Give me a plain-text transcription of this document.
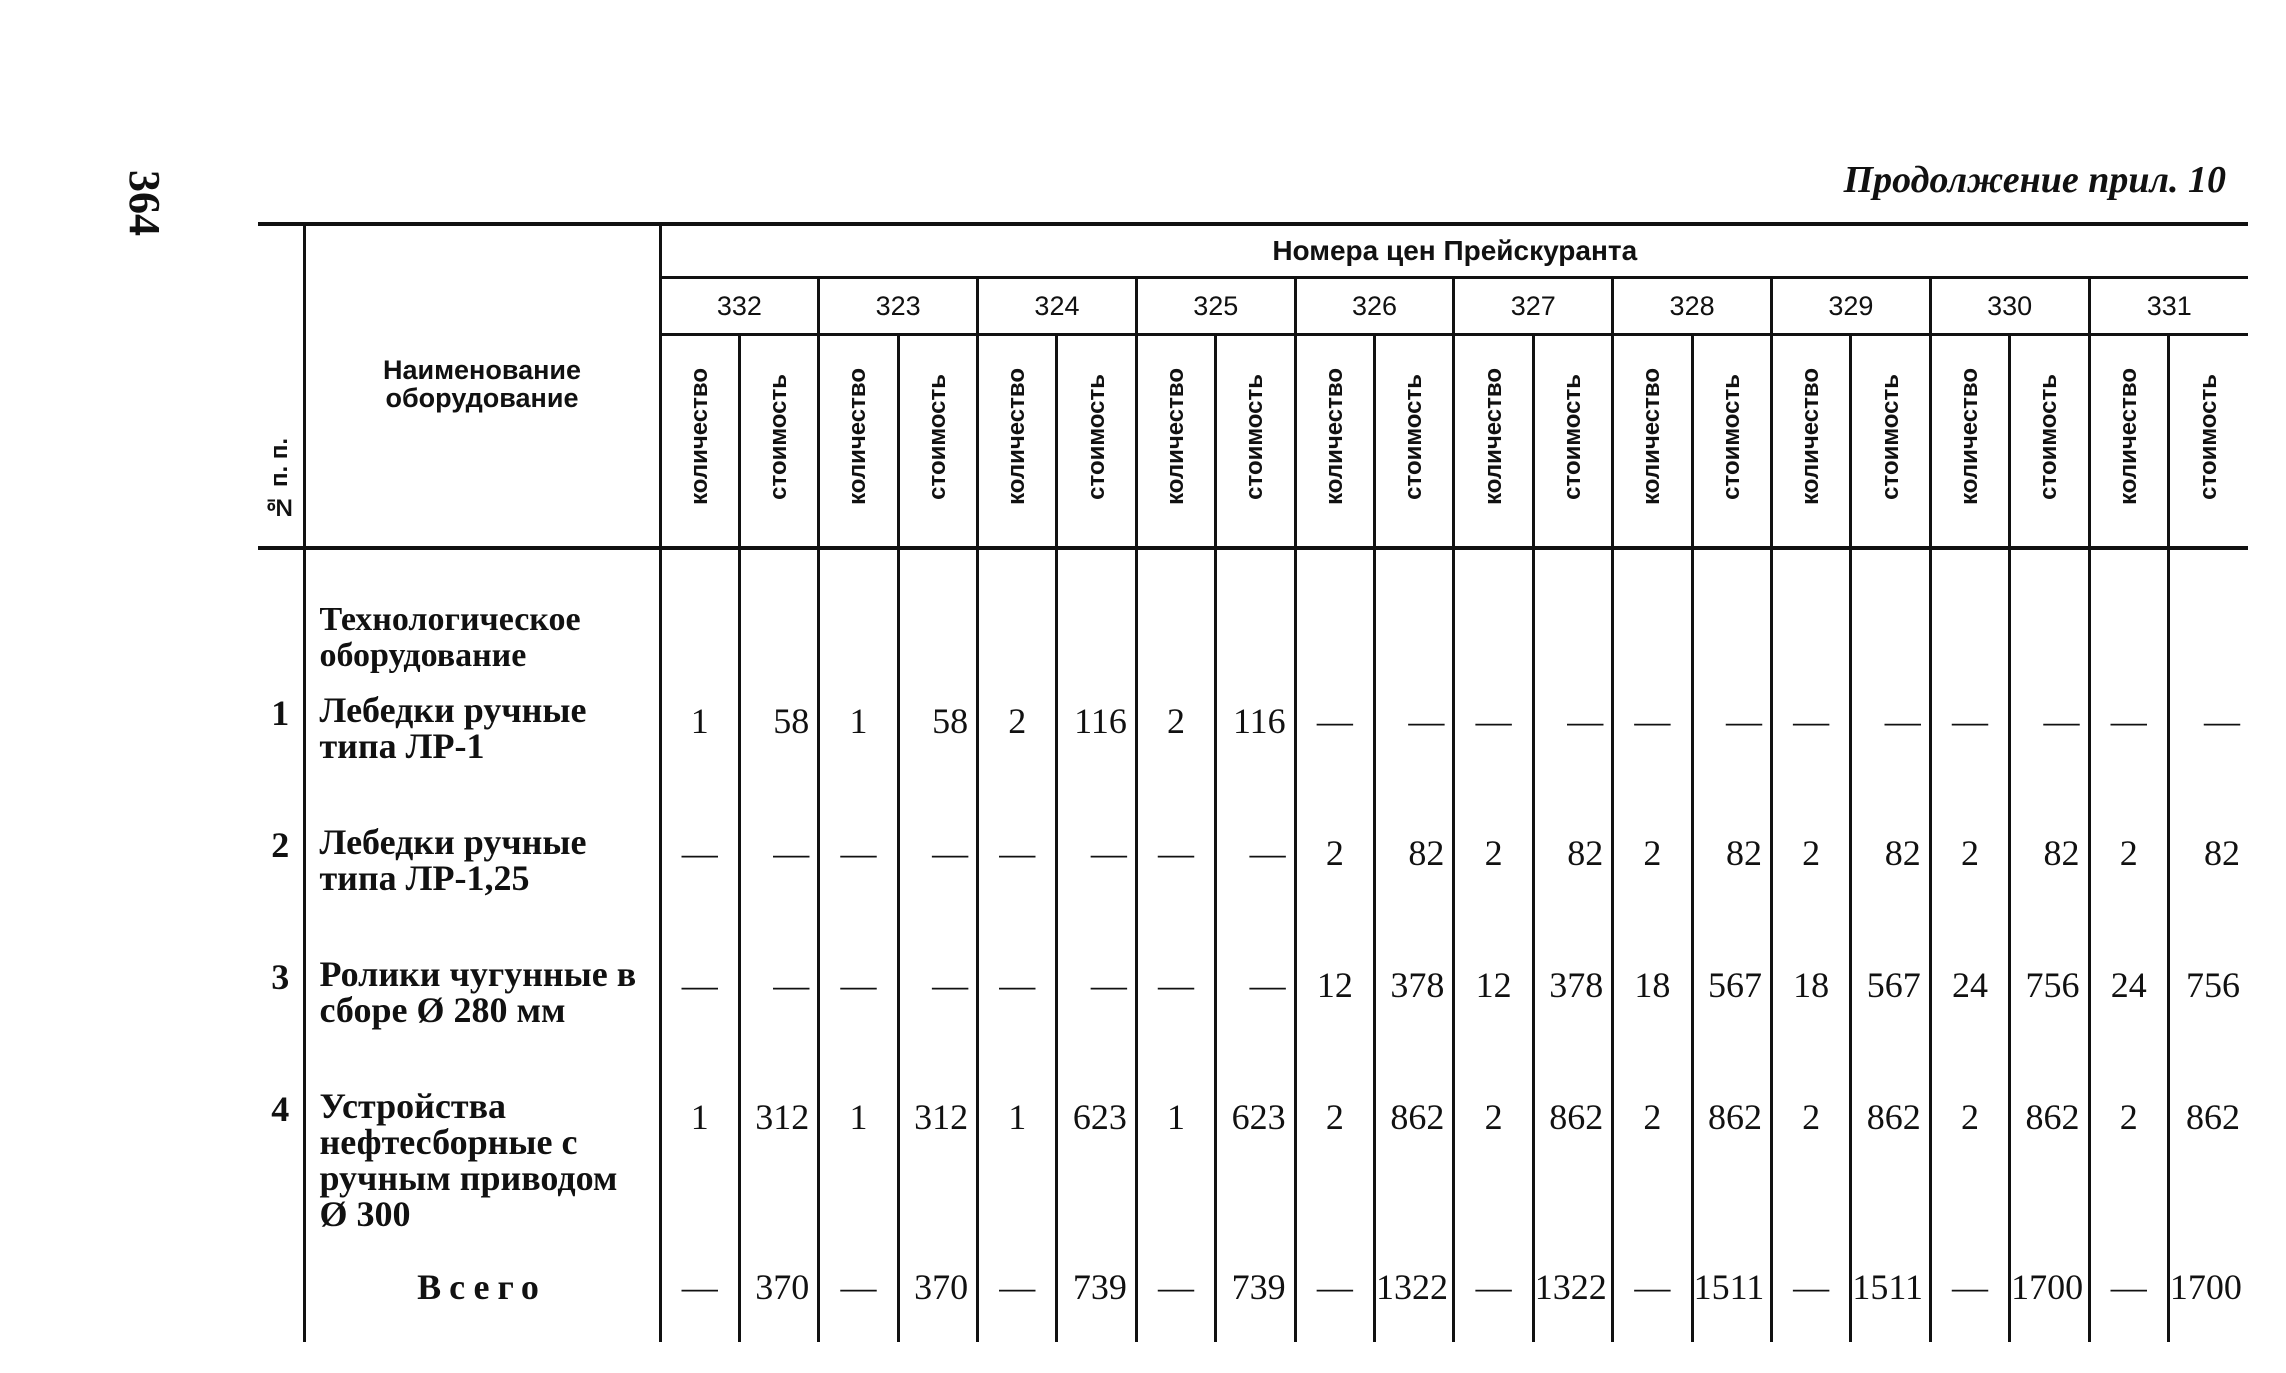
364	Продолжение прил. 10
№ п. п.	Наименование оборудование	Номера цен Прейскуранта																			
		332		323		324		325		326		327		328		329		330		331	
		количество	стоимость	количество	стоимость	количество	стоимость	количество	стоимость	количество	стоимость	количество	стоимость	количество	стоимость	количество	стоимость	количество	стоимость	количество	стоимость
	Технологическое оборудование																				
1	Лебедки ручные типа ЛР-1	1	58	1	58	2	116	2	116	—	—	—	—	—	—	—	—	—	—	—	—
2	Лебедки ручные типа ЛР-1,25	—	—	—	—	—	—	—	—	2	82	2	82	2	82	2	82	2	82	2	82
3	Ролики чугунные в сборе Ø 280 мм	—	—	—	—	—	—	—	—	12	378	12	378	18	567	18	567	24	756	24	756
4	Устройства нефтесборные с ручным приводом Ø 300	1	312	1	312	1	623	1	623	2	862	2	862	2	862	2	862	2	862	2	862
	Всего	—	370	—	370	—	739	—	739	—	1322	—	1322	—	1511	—	1511	—	1700	—	1700
